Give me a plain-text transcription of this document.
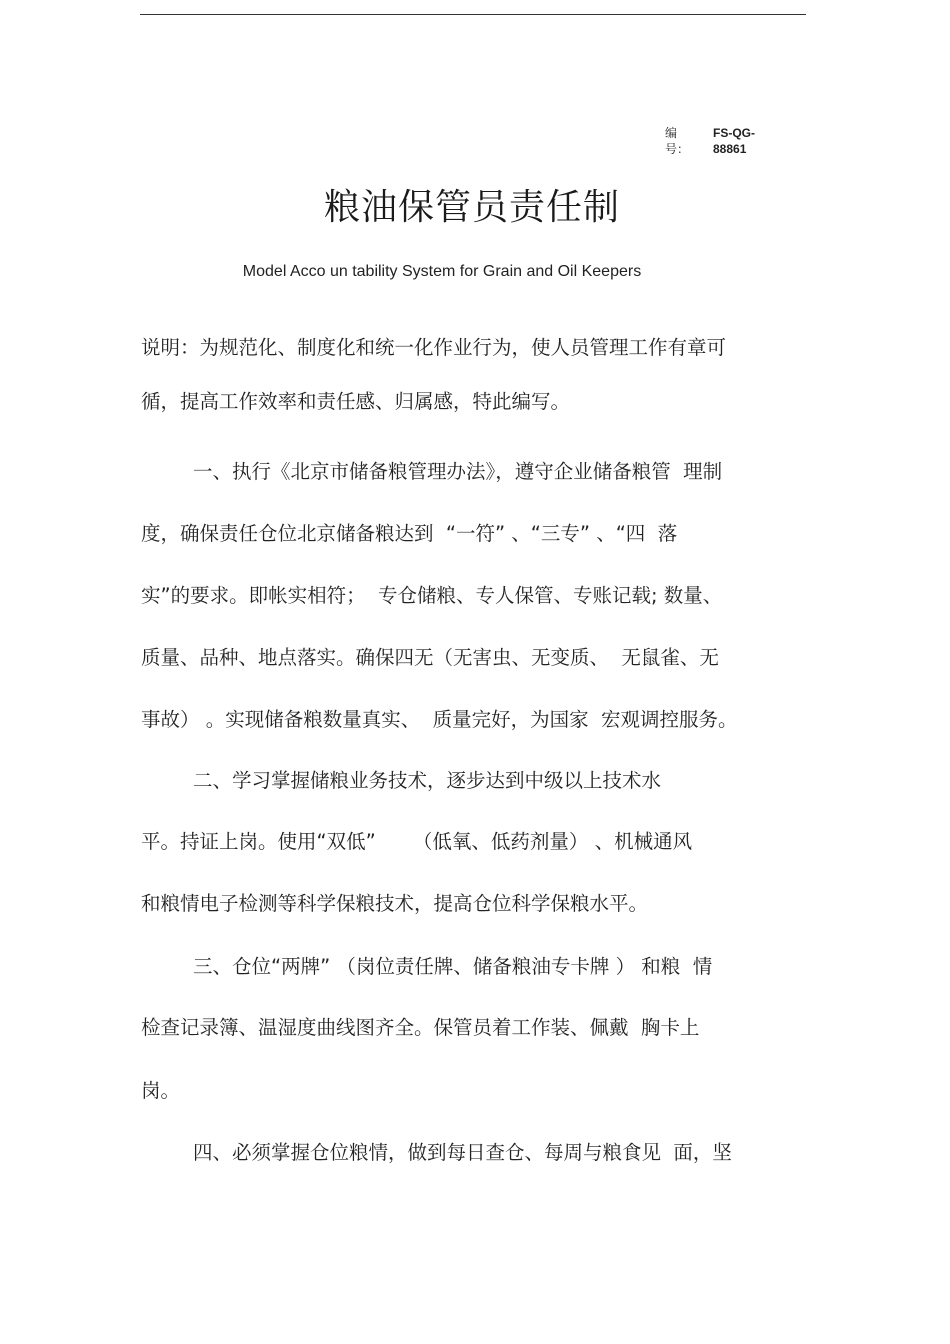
编	FS-QG-
号：	88861
粮油保管员责任制
Model Acco un tability System for Grain and Oil Keepers
说明：为规范化、制度化和统一化作业行为，使人员管理工作有章可
循，提高工作效率和责任感、归属感，特此编写。
一、执行《北京市储备粮管理办法》，遵守企业储备粮管  理制
度，确保责任仓位北京储备粮达到  “一符” 、“三专” 、“四  落
实”的要求。即帐实相符；  专仓储粮、专人保管、专账记载; 数量、
质量、品种、地点落实。确保四无（无害虫、无变质、  无鼠雀、无
事故） 。实现储备粮数量真实、  质量完好，为国家  宏观调控服务。
二、学习掌握储粮业务技术，逐步达到中级以上技术水
平。持证上岗。使用“双低”      （低氧、低药剂量） 、机械通风
和粮情电子检测等科学保粮技术，提高仓位科学保粮水平。
三、仓位“两牌” （岗位责任牌、储备粮油专卡牌 ） 和粮  情
检查记录簿、温湿度曲线图齐全。保管员着工作装、佩戴  胸卡上
岗。
四、必须掌握仓位粮情，做到每日查仓、每周与粮食见  面，坚
